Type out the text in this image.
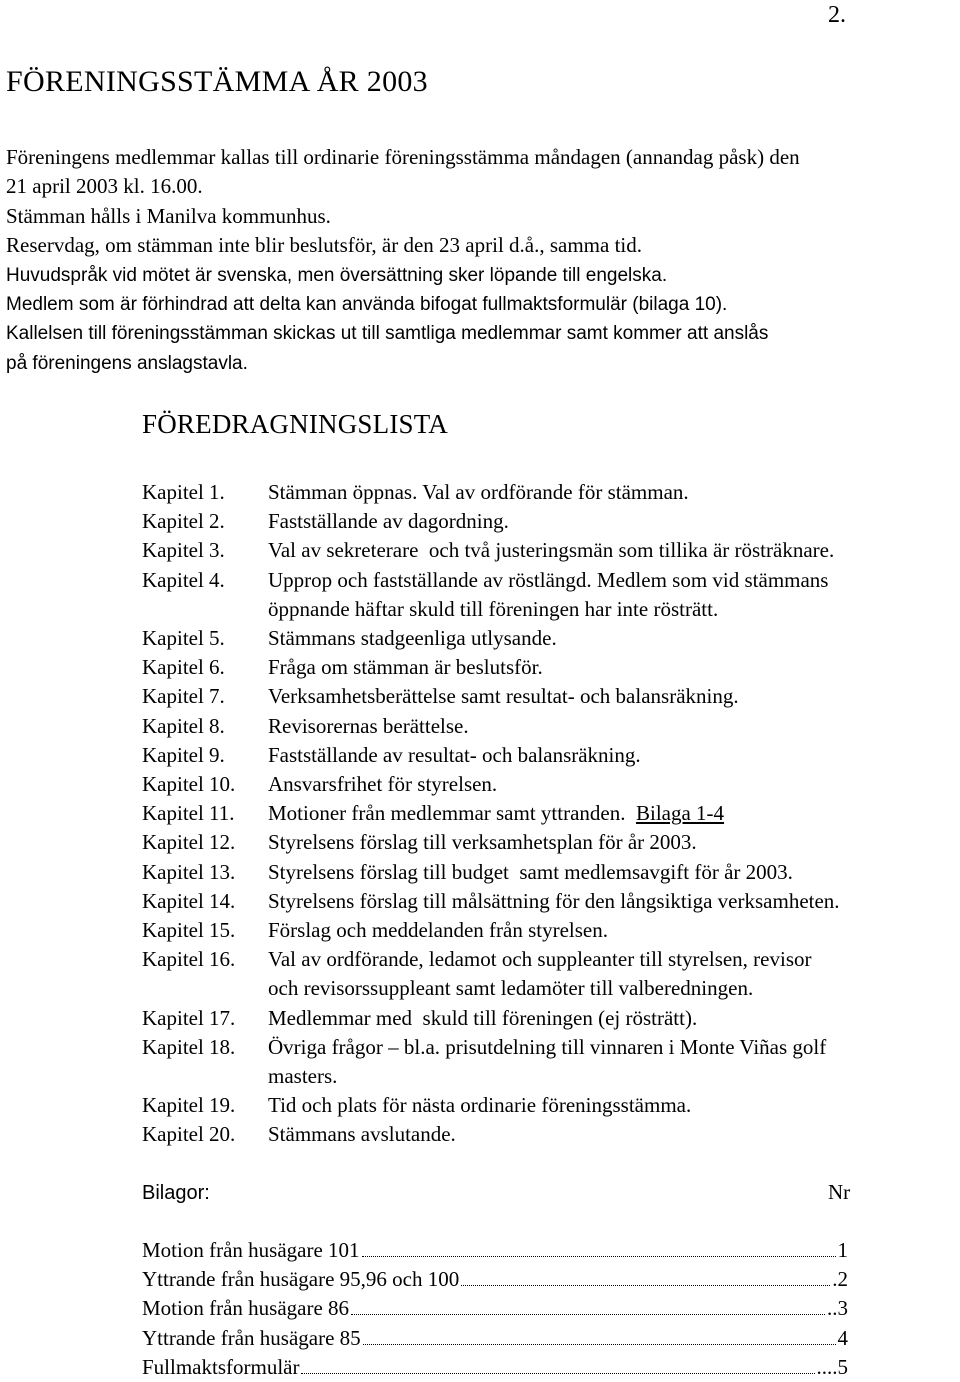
2.
FÖRENINGSSTÄMMA ÅR 2003
Föreningens medlemmar kallas till ordinarie föreningsstämma måndagen (annandag påsk) den
21 april 2003 kl. 16.00.
Stämman hålls i Manilva kommunhus.
Reservdag, om stämman inte blir beslutsför, är den 23 april d.å., samma tid.
Huvudspråk vid mötet är svenska, men översättning sker löpande till engelska.
Medlem som är förhindrad att delta kan använda bifogat fullmaktsformulär (bilaga 10).
Kallelsen till föreningsstämman skickas ut till samtliga medlemmar samt kommer att anslås
på föreningens anslagstavla.
FÖREDRAGNINGSLISTA
Kapitel 1.	Stämman öppnas. Val av ordförande för stämman.
Kapitel 2.	Fastställande av dagordning.
Kapitel 3.	Val av sekreterare  och två justeringsmän som tillika är rösträknare.
Kapitel 4.	Upprop och fastställande av röstlängd. Medlem som vid stämmans
öppnande häftar skuld till föreningen har inte rösträtt.
Kapitel 5.	Stämmans stadgeenliga utlysande.
Kapitel 6.	Fråga om stämman är beslutsför.
Kapitel 7.	Verksamhetsberättelse samt resultat- och balansräkning.
Kapitel 8.	Revisorernas berättelse.
Kapitel 9.	Fastställande av resultat- och balansräkning.
Kapitel 10.	Ansvarsfrihet för styrelsen.
Kapitel 11.	Motioner från medlemmar samt yttranden.  Bilaga 1-4
Kapitel 12.	Styrelsens förslag till verksamhetsplan för år 2003.
Kapitel 13.	Styrelsens förslag till budget  samt medlemsavgift för år 2003.
Kapitel 14.	Styrelsens förslag till målsättning för den långsiktiga verksamheten.
Kapitel 15.	Förslag och meddelanden från styrelsen.
Kapitel 16.	Val av ordförande, ledamot och suppleanter till styrelsen, revisor
och revisorssuppleant samt ledamöter till valberedningen.
Kapitel 17.	Medlemmar med  skuld till föreningen (ej rösträtt).
Kapitel 18.	Övriga frågor – bl.a. prisutdelning till vinnaren i Monte Viñas golf
masters.
Kapitel 19.	Tid och plats för nästa ordinarie föreningsstämma.
Kapitel 20.	Stämmans avslutande.
Bilagor:	Nr
Motion från husägare 101	1
Yttrande från husägare 95,96 och 100	.2
Motion från husägare 86	..3
Yttrande från husägare 85	4
Fullmaktsformulär	....5
